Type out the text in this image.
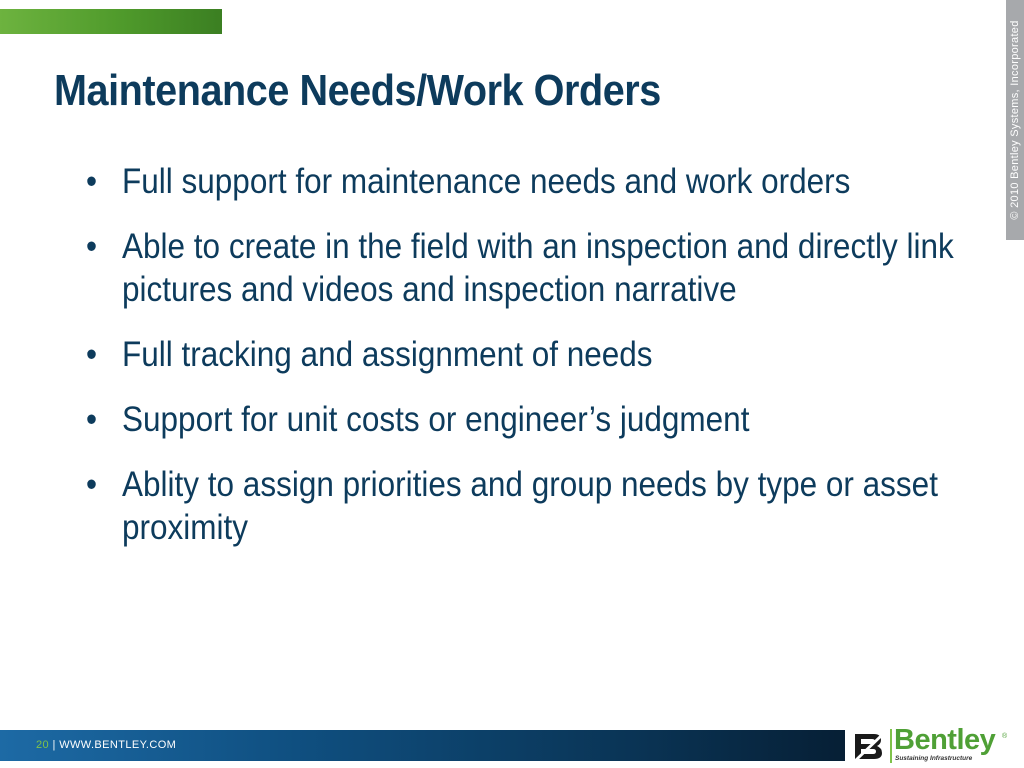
Maintenance Needs/Work Orders	© 2010 Bentley Systems, Incorporated
• Full support for maintenance needs and work orders
• Able to create in the field with an inspection and directly link pictures and videos and inspection narrative
• Full tracking and assignment of needs
• Support for unit costs or engineer’s judgment
• Ablity to assign priorities and group needs by type or asset proximity
20 | WWW.BENTLEY.COM	Bentley ®
Sustaining Infrastructure
